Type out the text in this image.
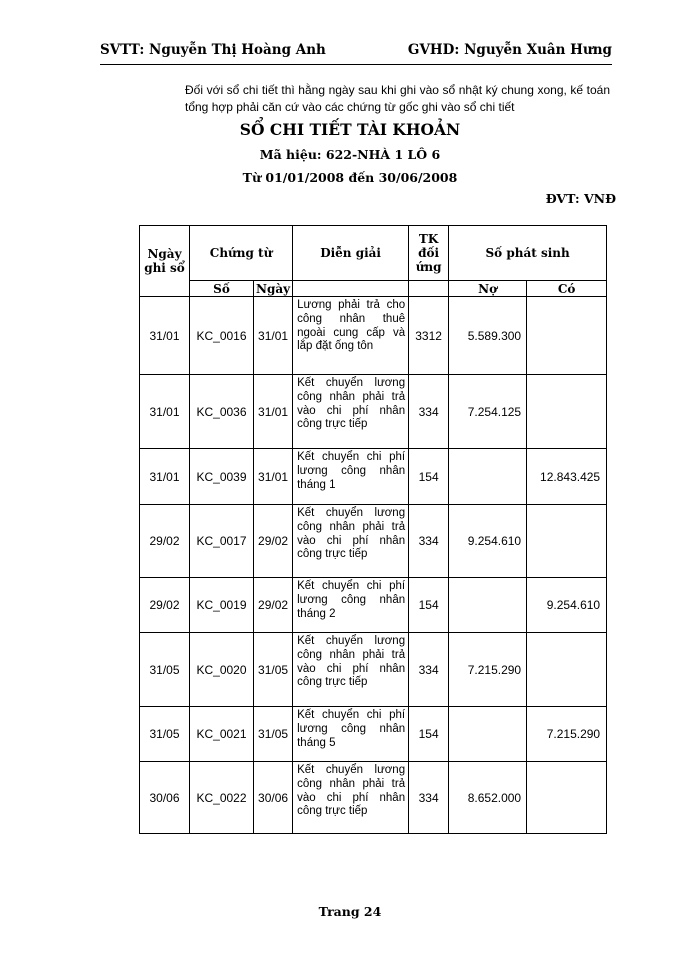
SVTT: Nguyễn Thị Hoàng Anh	GVHD: Nguyễn Xuân Hưng
Đối với sổ chi tiết thì hằng ngày sau khi ghi vào sổ nhật ký chung xong, kế toán tổng hợp phải căn cứ vào các chứng từ gốc ghi vào sổ chi tiết
SỔ CHI TIẾT TÀI KHOẢN
Mã hiệu: 622-NHÀ 1 LÔ 6
Từ 01/01/2008 đến 30/06/2008
ĐVT: VNĐ
Ngày ghi sổ	Chứng từ		Diễn giải	TK đối ứng	Số phát sinh	
	Số	Ngày			Nợ	Có
31/01	KC_0016	31/01	Lương phải trả cho công nhân thuê ngoài cung cấp và lắp đặt ống tôn	3312	5.589.300	
31/01	KC_0036	31/01	Kết chuyển lương công nhân phải trả vào chi phí nhân công trực tiếp	334	7.254.125	
31/01	KC_0039	31/01	Kết chuyển chi phí lương công nhân tháng 1	154		12.843.425
29/02	KC_0017	29/02	Kết chuyển lương công nhân phải trả vào chi phí nhân công trực tiếp	334	9.254.610	
29/02	KC_0019	29/02	Kết chuyển chi phí lương công nhân tháng 2	154		9.254.610
31/05	KC_0020	31/05	Kết chuyển lương công nhân phải trả vào chi phí nhân công trực tiếp	334	7.215.290	
31/05	KC_0021	31/05	Kết chuyển chi phí lương công nhân tháng 5	154		7.215.290
30/06	KC_0022	30/06	Kết chuyển lương công nhân phải trả vào chi phí nhân công trực tiếp	334	8.652.000	
Trang 24
